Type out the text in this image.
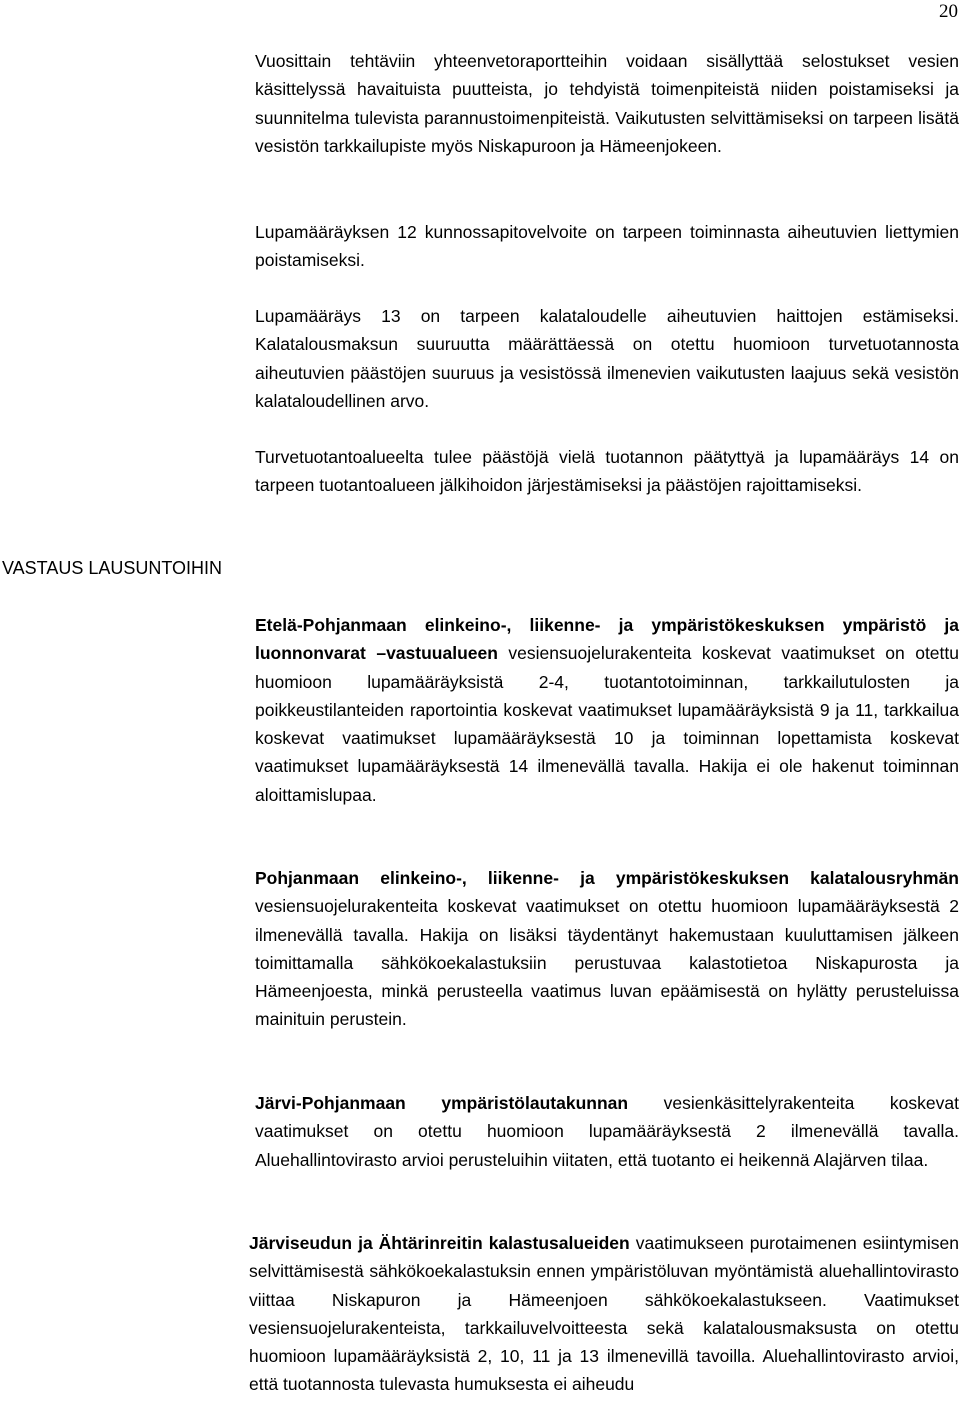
20

Vuosittain tehtäviin yhteenvetoraportteihin voidaan sisällyttää selostukset vesien käsittelyssä havaituista puutteista, jo tehdyistä toimenpiteistä niiden poistamiseksi ja suunnitelma tulevista parannustoimenpiteistä. Vaikutusten selvittämiseksi on tarpeen lisätä vesistön tarkkailupiste myös Niskapuroon ja Hämeenjokeen.

Lupamääräyksen 12 kunnossapitovelvoite on tarpeen toiminnasta aiheutuvien liettymien poistamiseksi.

Lupamääräys 13 on tarpeen kalataloudelle aiheutuvien haittojen estämiseksi. Kalatalousmaksun suuruutta määrättäessä on otettu huomioon turvetuotannosta aiheutuvien päästöjen suuruus ja vesistössä ilmenevien vaikutusten laajuus sekä vesistön kalataloudellinen arvo.

Turvetuotantoalueelta tulee päästöjä vielä tuotannon päätyttyä ja lupamääräys 14 on tarpeen tuotantoalueen jälkihoidon järjestämiseksi ja päästöjen rajoittamiseksi.

VASTAUS LAUSUNTOIHIN

Etelä-Pohjanmaan elinkeino-, liikenne- ja ympäristökeskuksen ympäristö ja luonnonvarat –vastuualueen vesiensuojelurakenteita koskevat vaatimukset on otettu huomioon lupamääräyksistä 2-4, tuotantotoiminnan, tarkkailutulosten ja poikkeustilanteiden raportointia koskevat vaatimukset lupamääräyksistä 9 ja 11, tarkkailua koskevat vaatimukset lupamääräyksestä 10 ja toiminnan lopettamista koskevat vaatimukset lupamääräyksestä 14 ilmenevällä tavalla. Hakija ei ole hakenut toiminnan aloittamislupaa.

Pohjanmaan elinkeino-, liikenne- ja ympäristökeskuksen kalatalousryhmän vesiensuojelurakenteita koskevat vaatimukset on otettu huomioon lupamääräyksestä 2 ilmenevällä tavalla. Hakija on lisäksi täydentänyt hakemustaan kuuluttamisen jälkeen toimittamalla sähkökoekalastuksiin perustuvaa kalastotietoa Niskapurosta ja Hämeenjoesta, minkä perusteella vaatimus luvan epäämisestä on hylätty perusteluissa mainituin perustein.

Järvi-Pohjanmaan ympäristölautakunnan vesienkäsittelyrakenteita koskevat vaatimukset on otettu huomioon lupamääräyksestä 2 ilmenevällä tavalla. Aluehallintovirasto arvioi perusteluihin viitaten, että tuotanto ei heikennä Alajärven tilaa.

Järviseudun ja Ähtärinreitin kalastusalueiden vaatimukseen purotaimenen esiintymisen selvittämisestä sähkökoekalastuksin ennen ympäristöluvan myöntämistä aluehallintovirasto viittaa Niskapuron ja Hämeenjoen sähkökoekalastukseen. Vaatimukset vesiensuojelurakenteista, tarkkailuvelvoitteesta sekä kalatalousmaksusta on otettu huomioon lupamääräyksistä 2, 10, 11 ja 13 ilmenevillä tavoilla. Aluehallintovirasto arvioi, että tuotannosta tulevasta humuksesta ei aiheudu
